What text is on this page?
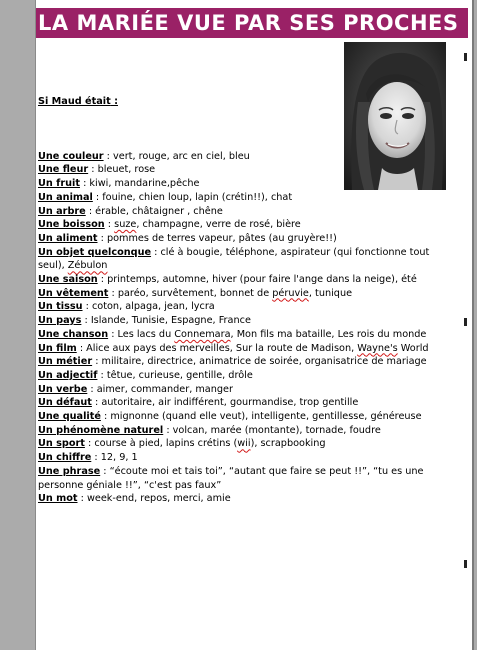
LA MARIÉE VUE PAR SES PROCHES
Si Maud était :
Une couleur : vert, rouge, arc en ciel, bleu
Une fleur : bleuet, rose
Un fruit : kiwi, mandarine,pêche
Un animal : fouine, chien loup, lapin (crétin!!), chat
Un arbre : érable, châtaigner , chêne
Une boisson : suze, champagne, verre de rosé, bière
Un aliment : pommes de terres vapeur, pâtes (au gruyère!!)
Un objet quelconque : clé à bougie, téléphone, aspirateur (qui fonctionne tout seul), Zébulon
Une saison : printemps, automne, hiver (pour faire l'ange dans la neige), été
Un vêtement : paréo, survêtement, bonnet de péruvie, tunique
Un tissu : coton, alpaga, jean, lycra
Un pays : Islande, Tunisie, Espagne, France
Une chanson : Les lacs du Connemara, Mon fils ma bataille, Les rois du monde
Un film : Alice aux pays des merveilles, Sur la route de Madison, Wayne's World
Un métier : militaire, directrice, animatrice de soirée, organisatrice de mariage
Un adjectif : têtue, curieuse, gentille, drôle
Un verbe : aimer, commander, manger
Un défaut : autoritaire, air indifférent, gourmandise, trop gentille
Une qualité : mignonne (quand elle veut), intelligente, gentillesse, généreuse
Un phénomène naturel : volcan, marée (montante), tornade, foudre
Un sport : course à pied, lapins crétins (wii), scrapbooking
Un chiffre : 12, 9, 1
Une phrase : “écoute moi et tais toi”, “autant que faire se peut !!”, “tu es une personne géniale !!”, “c'est pas faux”
Un mot : week-end, repos, merci, amie
